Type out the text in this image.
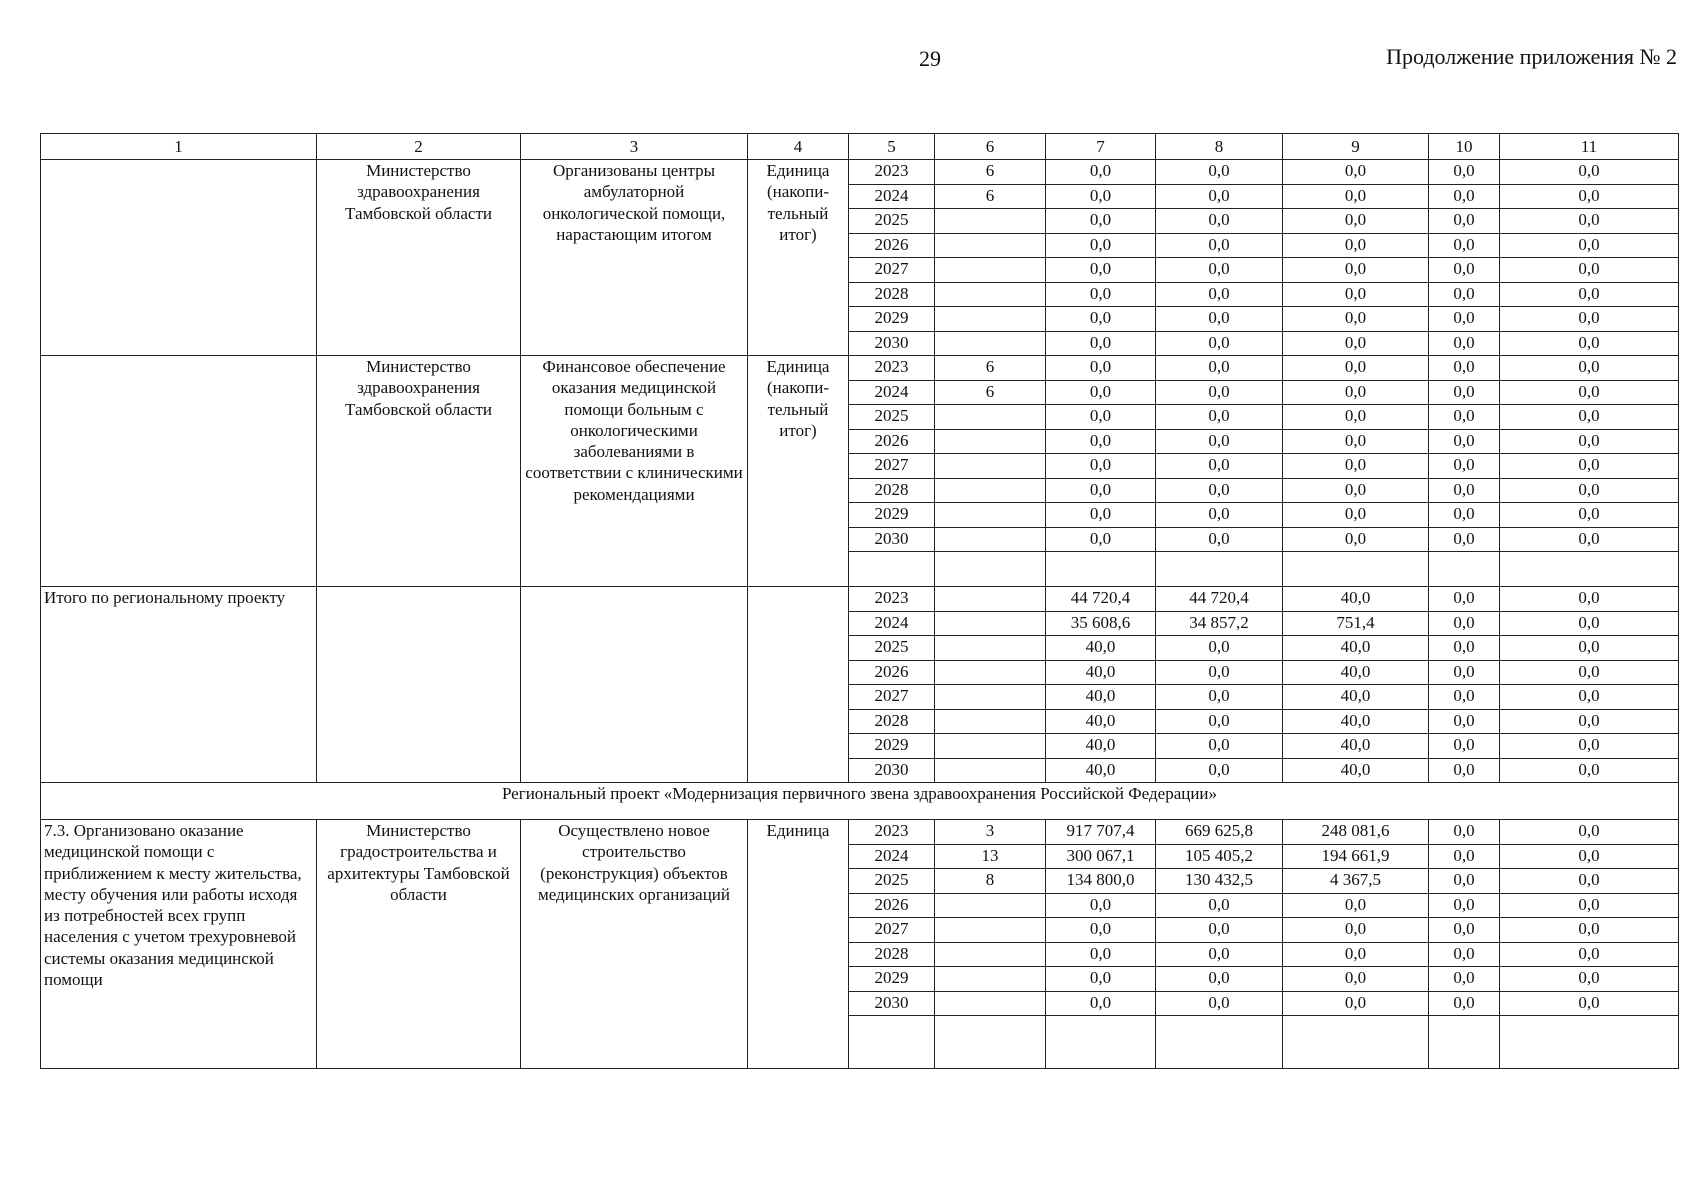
29	Продолжение приложения № 2
1	2	3	4	5	6	7	8	9	10	11
	Министерство здравоохранения Тамбовской области	Организованы центры амбулаторной онкологической помощи, нарастающим итогом	Единица (накопи-тельный итог)	2023	6	0,0	0,0	0,0	0,0	0,0
				2024	6	0,0	0,0	0,0	0,0	0,0
				2025		0,0	0,0	0,0	0,0	0,0
				2026		0,0	0,0	0,0	0,0	0,0
				2027		0,0	0,0	0,0	0,0	0,0
				2028		0,0	0,0	0,0	0,0	0,0
				2029		0,0	0,0	0,0	0,0	0,0
				2030		0,0	0,0	0,0	0,0	0,0
	Министерство здравоохранения Тамбовской области	Финансовое обеспечение оказания медицинской помощи больным с онкологическими заболеваниями в соответствии с клиническими рекомендациями	Единица (накопи-тельный итог)	2023	6	0,0	0,0	0,0	0,0	0,0
				2024	6	0,0	0,0	0,0	0,0	0,0
				2025		0,0	0,0	0,0	0,0	0,0
				2026		0,0	0,0	0,0	0,0	0,0
				2027		0,0	0,0	0,0	0,0	0,0
				2028		0,0	0,0	0,0	0,0	0,0
				2029		0,0	0,0	0,0	0,0	0,0
				2030		0,0	0,0	0,0	0,0	0,0

Итого по региональному проекту				2023		44 720,4	44 720,4	40,0	0,0	0,0
				2024		35 608,6	34 857,2	751,4	0,0	0,0
				2025		40,0	0,0	40,0	0,0	0,0
				2026		40,0	0,0	40,0	0,0	0,0
				2027		40,0	0,0	40,0	0,0	0,0
				2028		40,0	0,0	40,0	0,0	0,0
				2029		40,0	0,0	40,0	0,0	0,0
				2030		40,0	0,0	40,0	0,0	0,0
Региональный проект «Модернизация первичного звена здравоохранения Российской Федерации»										
7.3. Организовано оказание медицинской помощи с приближением к месту жительства, месту обучения или работы исходя из потребностей всех групп населения с учетом трехуровневой системы оказания медицинской помощи	Министерство градостроительства и архитектуры Тамбовской области	Осуществлено новое строительство (реконструкция) объектов медицинских организаций	Единица	2023	3	917 707,4	669 625,8	248 081,6	0,0	0,0
				2024	13	300 067,1	105 405,2	194 661,9	0,0	0,0
				2025	8	134 800,0	130 432,5	4 367,5	0,0	0,0
				2026		0,0	0,0	0,0	0,0	0,0
				2027		0,0	0,0	0,0	0,0	0,0
				2028		0,0	0,0	0,0	0,0	0,0
				2029		0,0	0,0	0,0	0,0	0,0
				2030		0,0	0,0	0,0	0,0	0,0
